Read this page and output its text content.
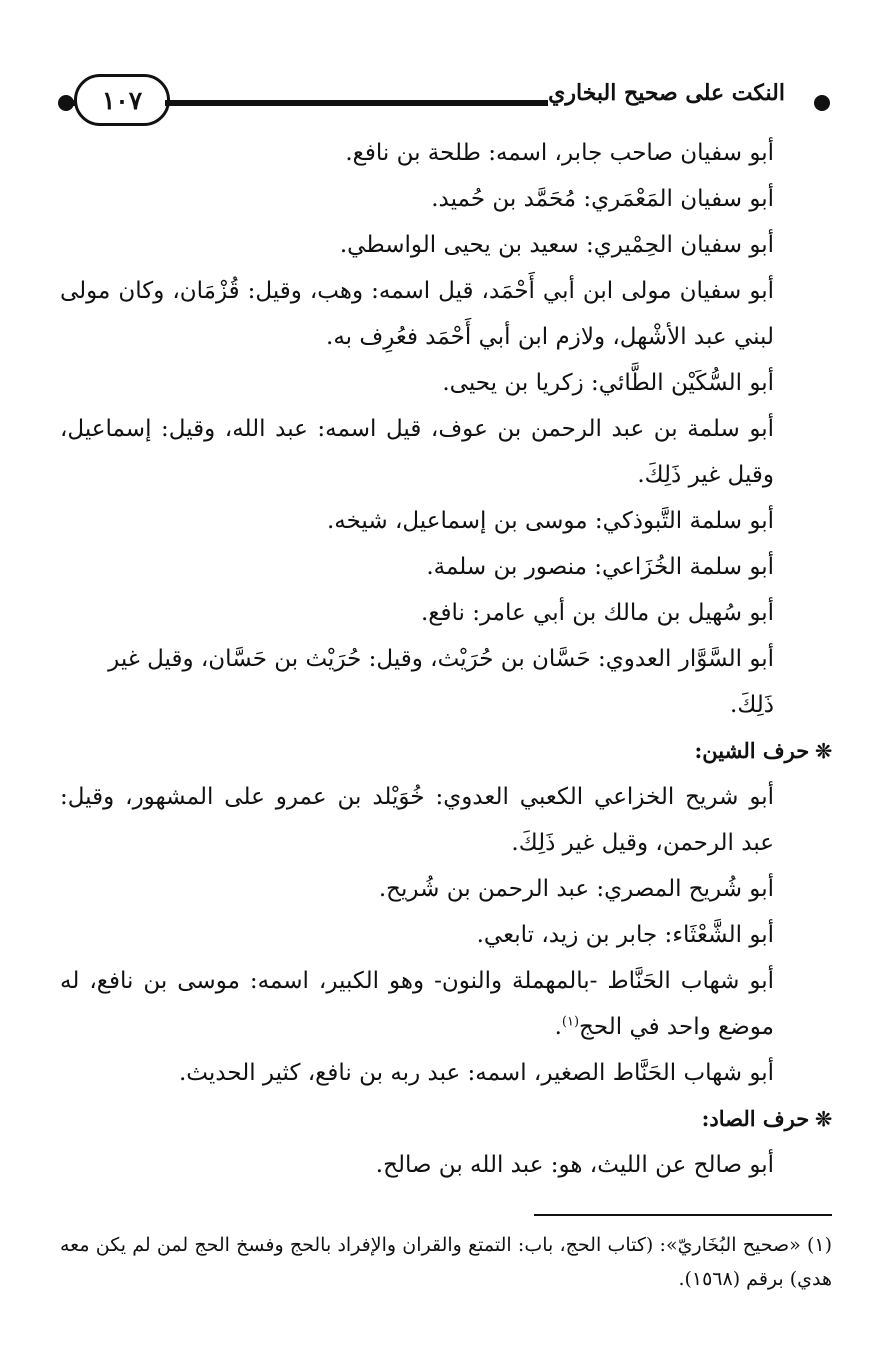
١٠٧	النكت على صحيح البخاري

أبو سفيان صاحب جابر، اسمه: طلحة بن نافع.

أبو سفيان المَعْمَري: مُحَمَّد بن حُميد.

أبو سفيان الحِمْيري: سعيد بن يحيى الواسطي.

أبو سفيان مولى ابن أبي أَحْمَد، قيل اسمه: وهب، وقيل: قُزْمَان، وكان مولى لبني عبد الأشْهل، ولازم ابن أبي أَحْمَد فعُرِف به.

أبو السُّكَيْن الطَّائي: زكريا بن يحيى.

أبو سلمة بن عبد الرحمن بن عوف، قيل اسمه: عبد الله، وقيل: إسماعيل، وقيل غير ذَلِكَ.

أبو سلمة التَّبوذكي: موسى بن إسماعيل، شيخه.

أبو سلمة الخُزَاعي: منصور بن سلمة.

أبو سُهيل بن مالك بن أبي عامر: نافع.

أبو السَّوَّار العدوي: حَسَّان بن حُرَيْث، وقيل: حُرَيْث بن حَسَّان، وقيل غير ذَلِكَ.

❊حرف الشين:

أبو شريح الخزاعي الكعبي العدوي: خُوَيْلد بن عمرو على المشهور، وقيل: عبد الرحمن، وقيل غير ذَلِكَ.

أبو شُريح المصري: عبد الرحمن بن شُريح.

أبو الشَّعْثَاء: جابر بن زيد، تابعي.

أبو شهاب الحَنَّاط -بالمهملة والنون- وهو الكبير، اسمه: موسى بن نافع، له موضع واحد في الحج$^{(١)}$.

أبو شهاب الحَنَّاط الصغير، اسمه: عبد ربه بن نافع، كثير الحديث.

❊حرف الصاد:

أبو صالح عن الليث، هو: عبد الله بن صالح.

(١) «صحيح البُخَاريّ»: (كتاب الحج، باب: التمتع والقران والإفراد بالحج وفسخ الحج لمن لم يكن معه هدي) برقم (١٥٦٨).
